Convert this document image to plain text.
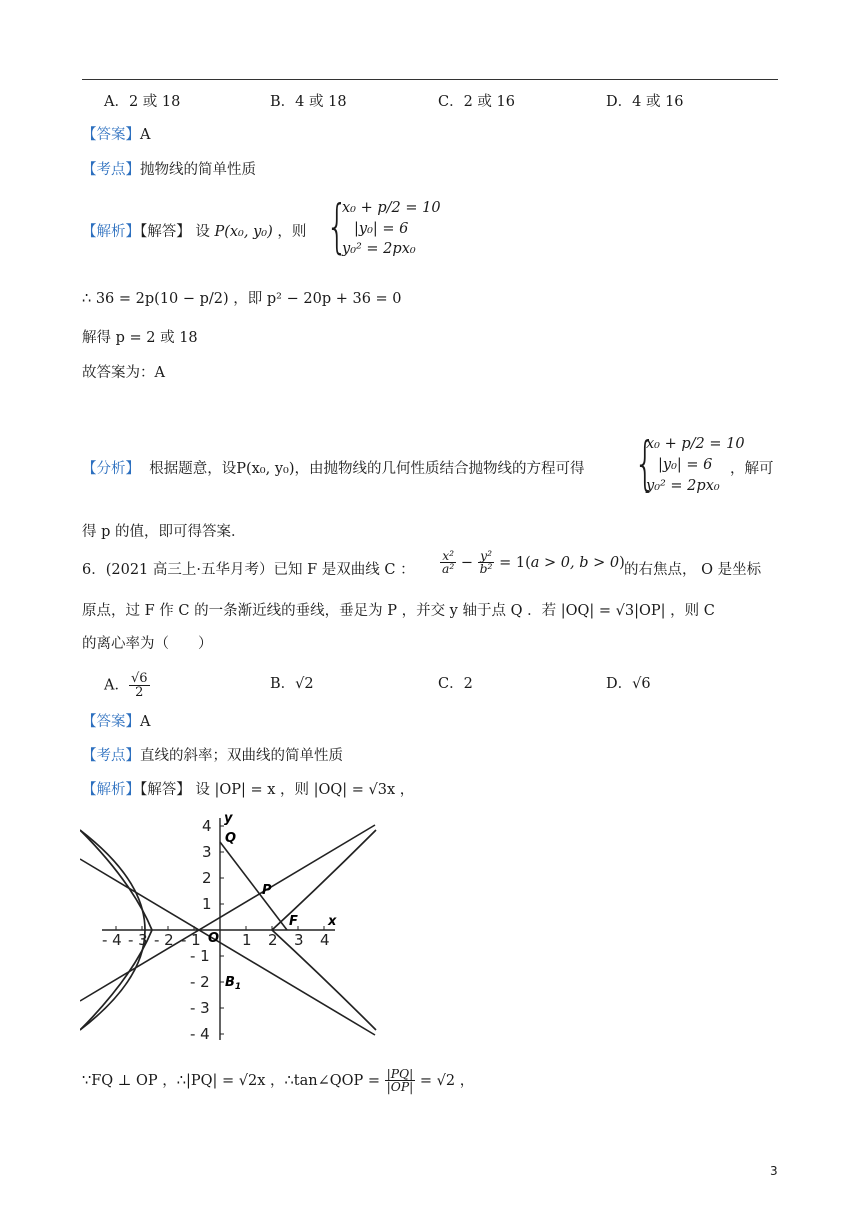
A．2 或 18	B．4 或 18	C．2 或 16	D．4 或 16
【答案】A
【考点】抛物线的简单性质
【解析】【解答】 设 P(x₀, y₀) ，则 {
x₀ + p/2 = 10
|y₀| = 6
y₀² = 2px₀
∴ 36 = 2p(10 − p/2) ，即 p² − 20p + 36 = 0
解得 p = 2 或 18
故答案为：A
【分析】 根据题意，设P(x₀, y₀)，由抛物线的几何性质结合抛物线的方程可得 {
x₀ + p/2 = 10
|y₀| = 6
y₀² = 2px₀
，解可
得 p 的值，即可得答案．
6．(2021 高三上·五华月考）已知 F 是双曲线 C ： $\frac{\text{x²}}{\text{a²}} - \frac{\text{y²}}{\text{b²}} = 1(a > 0$, b > 0) 的右焦点， O 是坐标
原点，过 F 作 C 的一条渐近线的垂线，垂足为 P ，并交 y 轴于点 Q ．若 |OQ| = √3|OP| ，则 C
的离心率为（　　）
A． $\frac{√6}{2}$	B．√2	C．2	D．√6
【答案】A
【考点】直线的斜率；双曲线的简单性质
【解析】【解答】 设 |OP| = x ，则 |OQ| = √3x ，
- 4 - 3 - 2 - 1	1 2 3 4
4
3
2
1
- 1
- 2
- 3
- 4
Q
P
F
O
$B_1$
x
y
∵FQ ⊥ OP ，∴|PQ| = √2x ，∴tan∠QOP = $\frac{|PQ|}{|OP|} = √2$ ，
3
